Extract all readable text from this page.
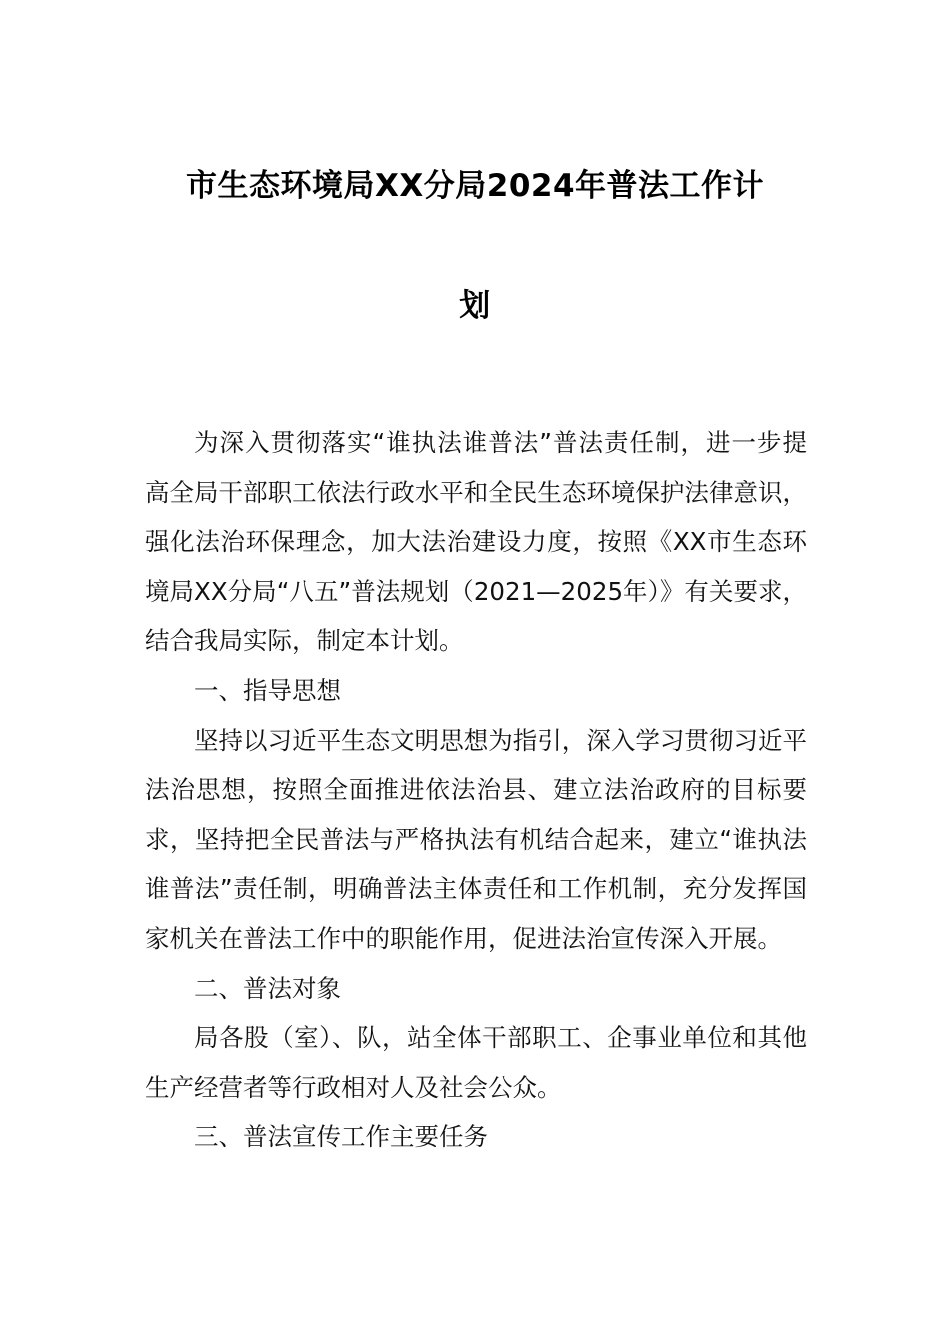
市生态环境局XX分局2024年普法工作计
划

为深入贯彻落实“谁执法谁普法”普法责任制，进一步提高全局干部职工依法行政水平和全民生态环境保护法律意识，强化法治环保理念，加大法治建设力度，按照《XX市生态环境局XX分局“八五”普法规划（2021—2025年）》有关要求，结合我局实际，制定本计划。

一、指导思想

坚持以习近平生态文明思想为指引，深入学习贯彻习近平法治思想，按照全面推进依法治县、建立法治政府的目标要求，坚持把全民普法与严格执法有机结合起来，建立“谁执法谁普法”责任制，明确普法主体责任和工作机制，充分发挥国家机关在普法工作中的职能作用，促进法治宣传深入开展。

二、普法对象

局各股（室）、队，站全体干部职工、企事业单位和其他生产经营者等行政相对人及社会公众。

三、普法宣传工作主要任务
